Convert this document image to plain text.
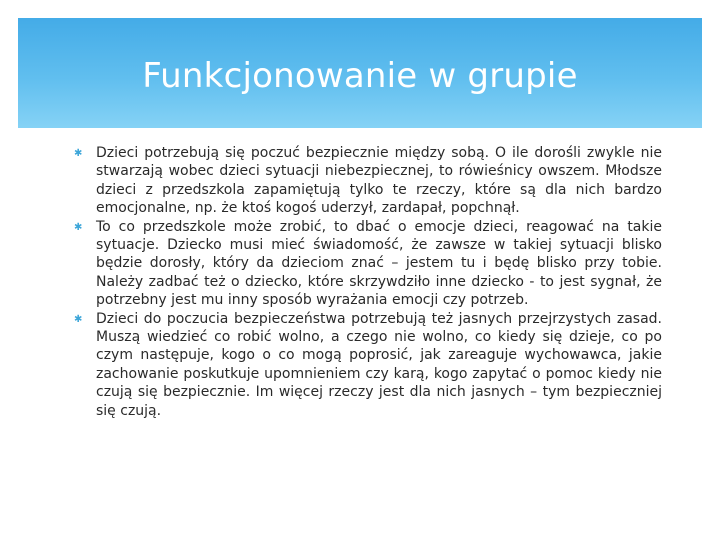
Funkcjonowanie w grupie
✱ Dzieci potrzebują się poczuć bezpiecznie między sobą. O ile dorośli zwykle nie stwarzają wobec dzieci sytuacji niebezpiecznej, to rówieśnicy owszem. Młodsze dzieci z przedszkola zapamiętują tylko te rzeczy, które są dla nich bardzo emocjonalne, np. że ktoś kogoś uderzył, zardapał, popchnął.
✱ To co przedszkole może zrobić, to dbać o emocje dzieci, reagować na takie sytuacje. Dziecko musi mieć świadomość, że zawsze w takiej sytuacji blisko będzie dorosły, który da dzieciom znać – jestem tu i będę blisko przy tobie. Należy zadbać też o dziecko, które skrzywdziło inne dziecko - to jest sygnał, że potrzebny jest mu inny sposób wyrażania emocji czy potrzeb.
✱ Dzieci do poczucia bezpieczeństwa potrzebują też jasnych przejrzystych zasad. Muszą wiedzieć co robić wolno, a czego nie wolno, co kiedy się dzieje, co po czym następuje, kogo o co mogą poprosić, jak zareaguje wychowawca, jakie zachowanie poskutkuje upomnieniem czy karą, kogo zapytać o pomoc kiedy nie czują się bezpiecznie. Im więcej rzeczy jest dla nich jasnych – tym bezpieczniej się czują.
